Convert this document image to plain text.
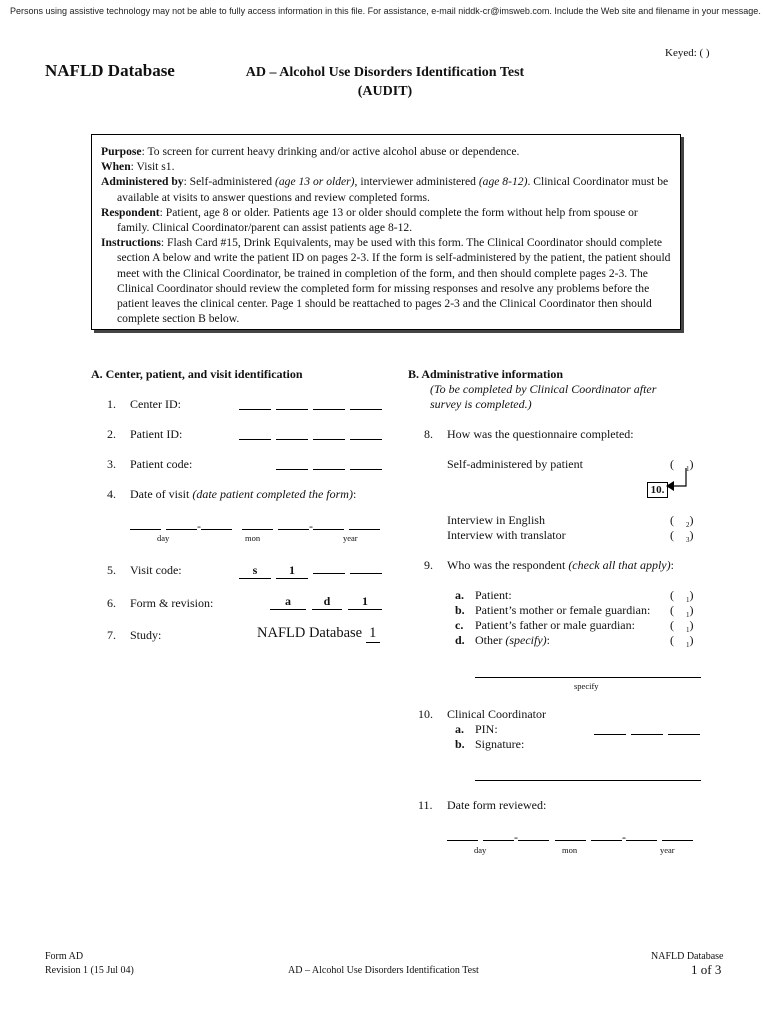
Persons using assistive technology may not be able to fully access information in this file. For assistance, e-mail niddk-cr@imsweb.com. Include the Web site and filename in your message.
Keyed: ( )
NAFLD Database	AD – Alcohol Use Disorders Identification Test
(AUDIT)

Purpose: To screen for current heavy drinking and/or active alcohol abuse or dependence.

When: Visit s1.

Administered by: Self-administered (age 13 or older), interviewer administered (age 8-12). Clinical Coordinator must be available at visits to answer questions and review completed forms.

Respondent: Patient, age 8 or older. Patients age 13 or older should complete the form without help from spouse or family. Clinical Coordinator/parent can assist patients age 8-12.

Instructions: Flash Card #15, Drink Equivalents, may be used with this form. The Clinical Coordinator should complete section A below and write the patient ID on pages 2-3. If the form is self-administered by the patient, the patient should meet with the Clinical Coordinator, be trained in completion of the form, and then should complete pages 2-3. The Clinical Coordinator should review the completed form for missing responses and resolve any problems before the patient leaves the clinical center. Page 1 should be reattached to pages 2-3 and the Clinical Coordinator then should complete section B below.

A. Center, patient, and visit identification
1. Center ID:
2. Patient ID:
3. Patient code:
4. Date of visit (date patient completed the form):
-	-
day	mon	year
5. Visit code:	s	1
6. Form & revision:	a	d	1
7. Study:	NAFLD Database 1
B. Administrative information
(To be completed by Clinical Coordinator after
survey is completed.)
8. How was the questionnaire completed:
Self-administered by patient	(    $_1$)
10.
Interview in English	(    $_2$)
Interview with translator	(    $_3$)
9. Who was the respondent (check all that apply):
a. Patient:	(    $_1$)
b. Patient’s mother or female guardian: (    $_1$)
c. Patient’s father or male guardian:	(    $_1$)
d. Other (specify):	(    $_1$)
specify
10. Clinical Coordinator
a. PIN:
b. Signature:
11. Date form reviewed:
-	-
day	mon	year
Form AD
Revision 1 (15 Jul 04)	AD – Alcohol Use Disorders Identification Test
NAFLD Database
1 of 3
